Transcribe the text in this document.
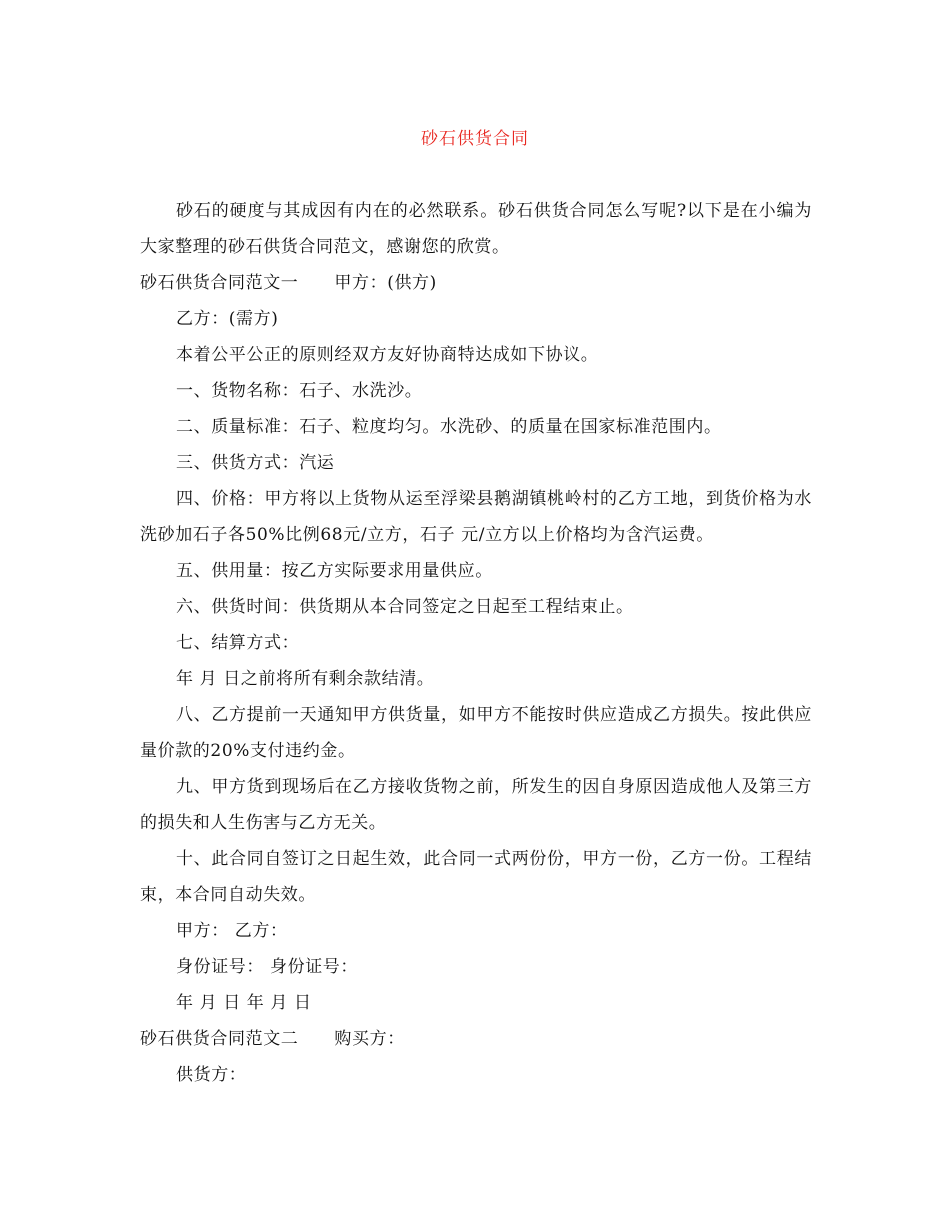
砂石供货合同

砂石的硬度与其成因有内在的必然联系。砂石供货合同怎么写呢?以下是在小编为大家整理的砂石供货合同范文，感谢您的欣赏。

砂石供货合同范文一 甲方：(供方)

乙方：(需方)

本着公平公正的原则经双方友好协商特达成如下协议。

一、货物名称：石子、水洗沙。

二、质量标准：石子、粒度均匀。水洗砂、的质量在国家标准范围内。

三、供货方式：汽运

四、价格：甲方将以上货物从运至浮梁县鹅湖镇桃岭村的乙方工地，到货价格为水洗砂加石子各50%比例68元/立方，石子 元/立方以上价格均为含汽运费。

五、供用量：按乙方实际要求用量供应。

六、供货时间：供货期从本合同签定之日起至工程结束止。

七、结算方式：

年 月 日之前将所有剩余款结清。

八、乙方提前一天通知甲方供货量，如甲方不能按时供应造成乙方损失。按此供应量价款的20%支付违约金。

九、甲方货到现场后在乙方接收货物之前，所发生的因自身原因造成他人及第三方的损失和人生伤害与乙方无关。

十、此合同自签订之日起生效，此合同一式两份份，甲方一份，乙方一份。工程结束，本合同自动失效。

甲方： 乙方：

身份证号： 身份证号：

年 月 日 年 月 日

砂石供货合同范文二 购买方：

供货方：
